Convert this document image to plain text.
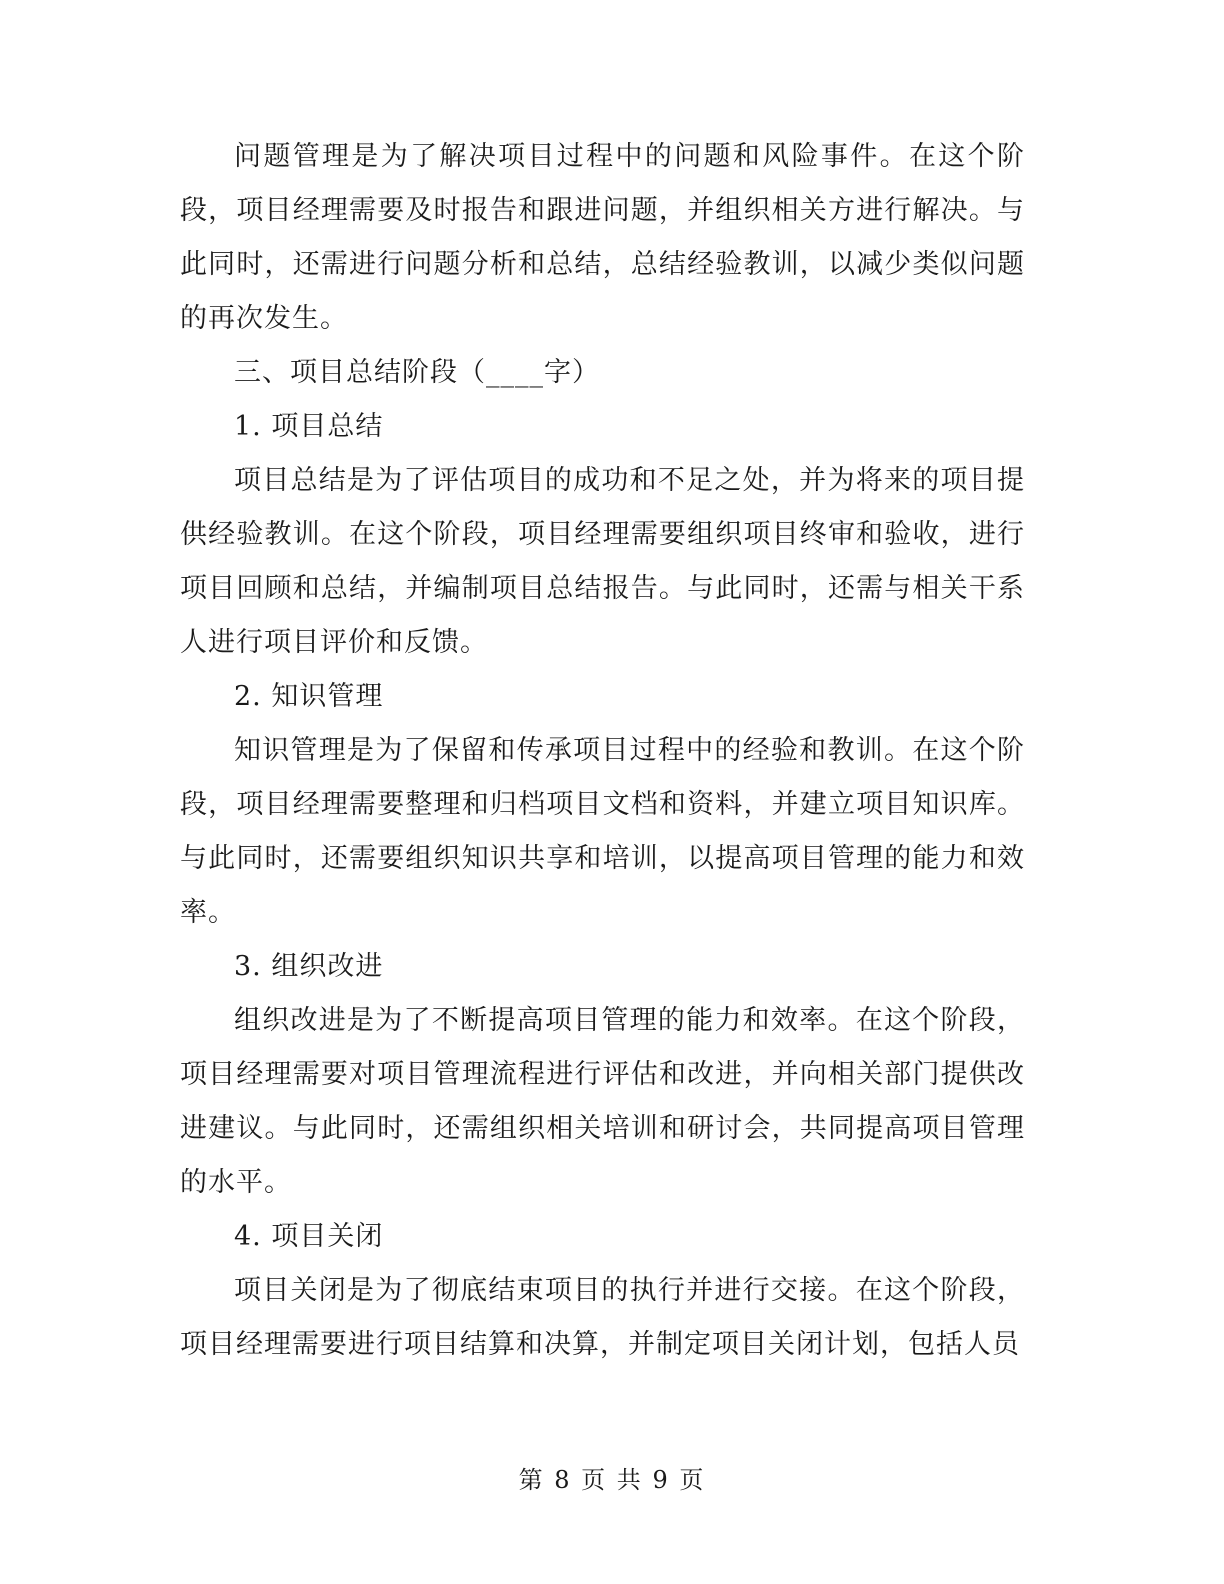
问题管理是为了解决项目过程中的问题和风险事件。在这个阶段，项目经理需要及时报告和跟进问题，并组织相关方进行解决。与此同时，还需进行问题分析和总结，总结经验教训，以减少类似问题的再次发生。

三、项目总结阶段（____字）

1. 项目总结

项目总结是为了评估项目的成功和不足之处，并为将来的项目提供经验教训。在这个阶段，项目经理需要组织项目终审和验收，进行项目回顾和总结，并编制项目总结报告。与此同时，还需与相关干系人进行项目评价和反馈。

2. 知识管理

知识管理是为了保留和传承项目过程中的经验和教训。在这个阶段，项目经理需要整理和归档项目文档和资料，并建立项目知识库。与此同时，还需要组织知识共享和培训，以提高项目管理的能力和效率。

3. 组织改进

组织改进是为了不断提高项目管理的能力和效率。在这个阶段，项目经理需要对项目管理流程进行评估和改进，并向相关部门提供改进建议。与此同时，还需组织相关培训和研讨会，共同提高项目管理的水平。

4. 项目关闭

项目关闭是为了彻底结束项目的执行并进行交接。在这个阶段，项目经理需要进行项目结算和决算，并制定项目关闭计划，包括人员

第 8 页 共 9 页
